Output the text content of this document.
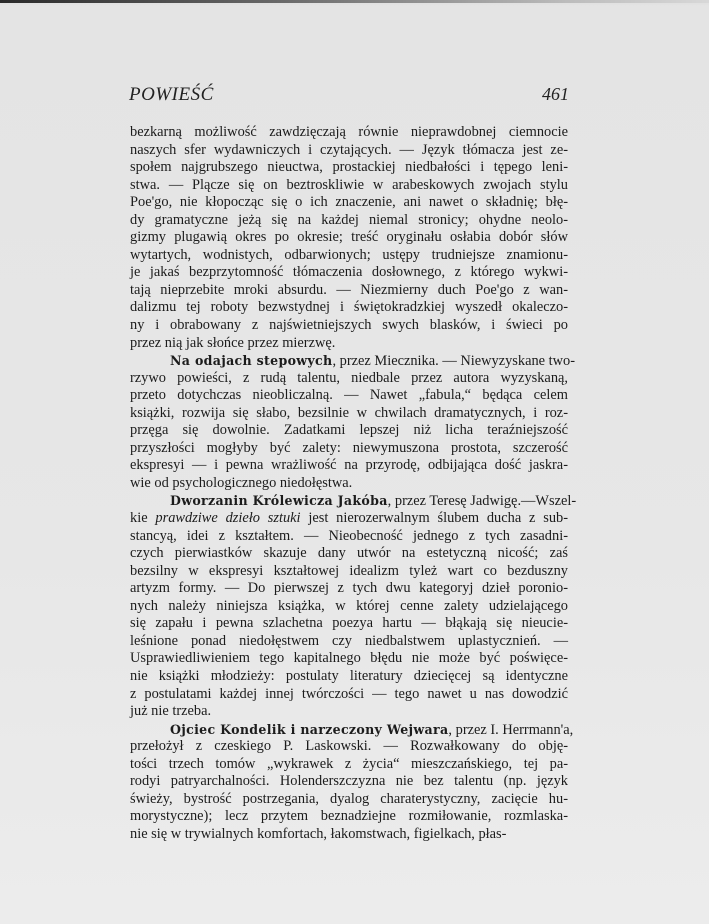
POWIEŚĆ	461
bezkarną możliwość zawdzięczają równie nieprawdobnej ciemnocie
naszych sfer wydawniczych i czytających. — Język tłómacza jest ze-
społem najgrubszego nieuctwa, prostackiej niedbałości i tępego leni-
stwa. — Plącze się on beztroskliwie w arabeskowych zwojach stylu
Poe'go, nie kłopocząc się o ich znaczenie, ani nawet o składnię; błę-
dy gramatyczne jeżą się na każdej niemal stronicy; ohydne neolo-
gizmy plugawią okres po okresie; treść oryginału osłabia dobór słów
wytartych, wodnistych, odbarwionych; ustępy trudniejsze znamionu-
je jakaś bezprzytomność tłómaczenia dosłownego, z którego wykwi-
tają nieprzebite mroki absurdu. — Niezmierny duch Poe'go z wan-
dalizmu tej roboty bezwstydnej i świętokradzkiej wyszedł okaleczo-
ny i obrabowany z najświetniejszych swych blasków, i świeci po
przez nią jak słońce przez mierzwę.
Na odajach stepowych, przez Miecznika. — Niewyzyskane two-
rzywo powieści, z rudą talentu, niedbale przez autora wyzyskaną,
przeto dotychczas nieobliczalną. — Nawet „fabula,“ będąca celem
książki, rozwija się słabo, bezsilnie w chwilach dramatycznych, i roz-
przęga się dowolnie. Zadatkami lepszej niż licha teraźniejszość
przyszłości mogłyby być zalety: niewymuszona prostota, szczerość
ekspresyi — i pewna wrażliwość na przyrodę, odbijająca dość jaskra-
wie od psychologicznego niedołęstwa.
Dworzanin Królewicza Jakóba, przez Teresę Jadwigę.—Wszel-
kie prawdziwe dzieło sztuki jest nierozerwalnym ślubem ducha z sub-
stancyą, idei z kształtem. — Nieobecność jednego z tych zasadni-
czych pierwiastków skazuje dany utwór na estetyczną nicość; zaś
bezsilny w ekspresyi kształtowej idealizm tyleż wart co bezduszny
artyzm formy. — Do pierwszej z tych dwu kategoryj dzieł poronio-
nych należy niniejsza książka, w której cenne zalety udzielającego
się zapału i pewna szlachetna poezya hartu — błąkają się nieucie-
leśnione ponad niedołęstwem czy niedbalstwem uplastycznień. —
Usprawiedliwieniem tego kapitalnego błędu nie może być poświęce-
nie książki młodzieży: postulaty literatury dziecięcej są identyczne
z postulatami każdej innej twórczości — tego nawet u nas dowodzić
już nie trzeba.
Ojciec Kondelik i narzeczony Wejwara, przez I. Herrmann'a,
przełożył z czeskiego P. Laskowski. — Rozwałkowany do obję-
tości trzech tomów „wykrawek z życia“ mieszczańskiego, tej pa-
rodyi patryarchalności. Holenderszczyzna nie bez talentu (np. język
świeży, bystrość postrzegania, dyalog charaterystyczny, zacięcie hu-
morystyczne); lecz przytem beznadziejne rozmiłowanie, rozmlaska-
nie się w trywialnych komfortach, łakomstwach, figielkach, płas-
